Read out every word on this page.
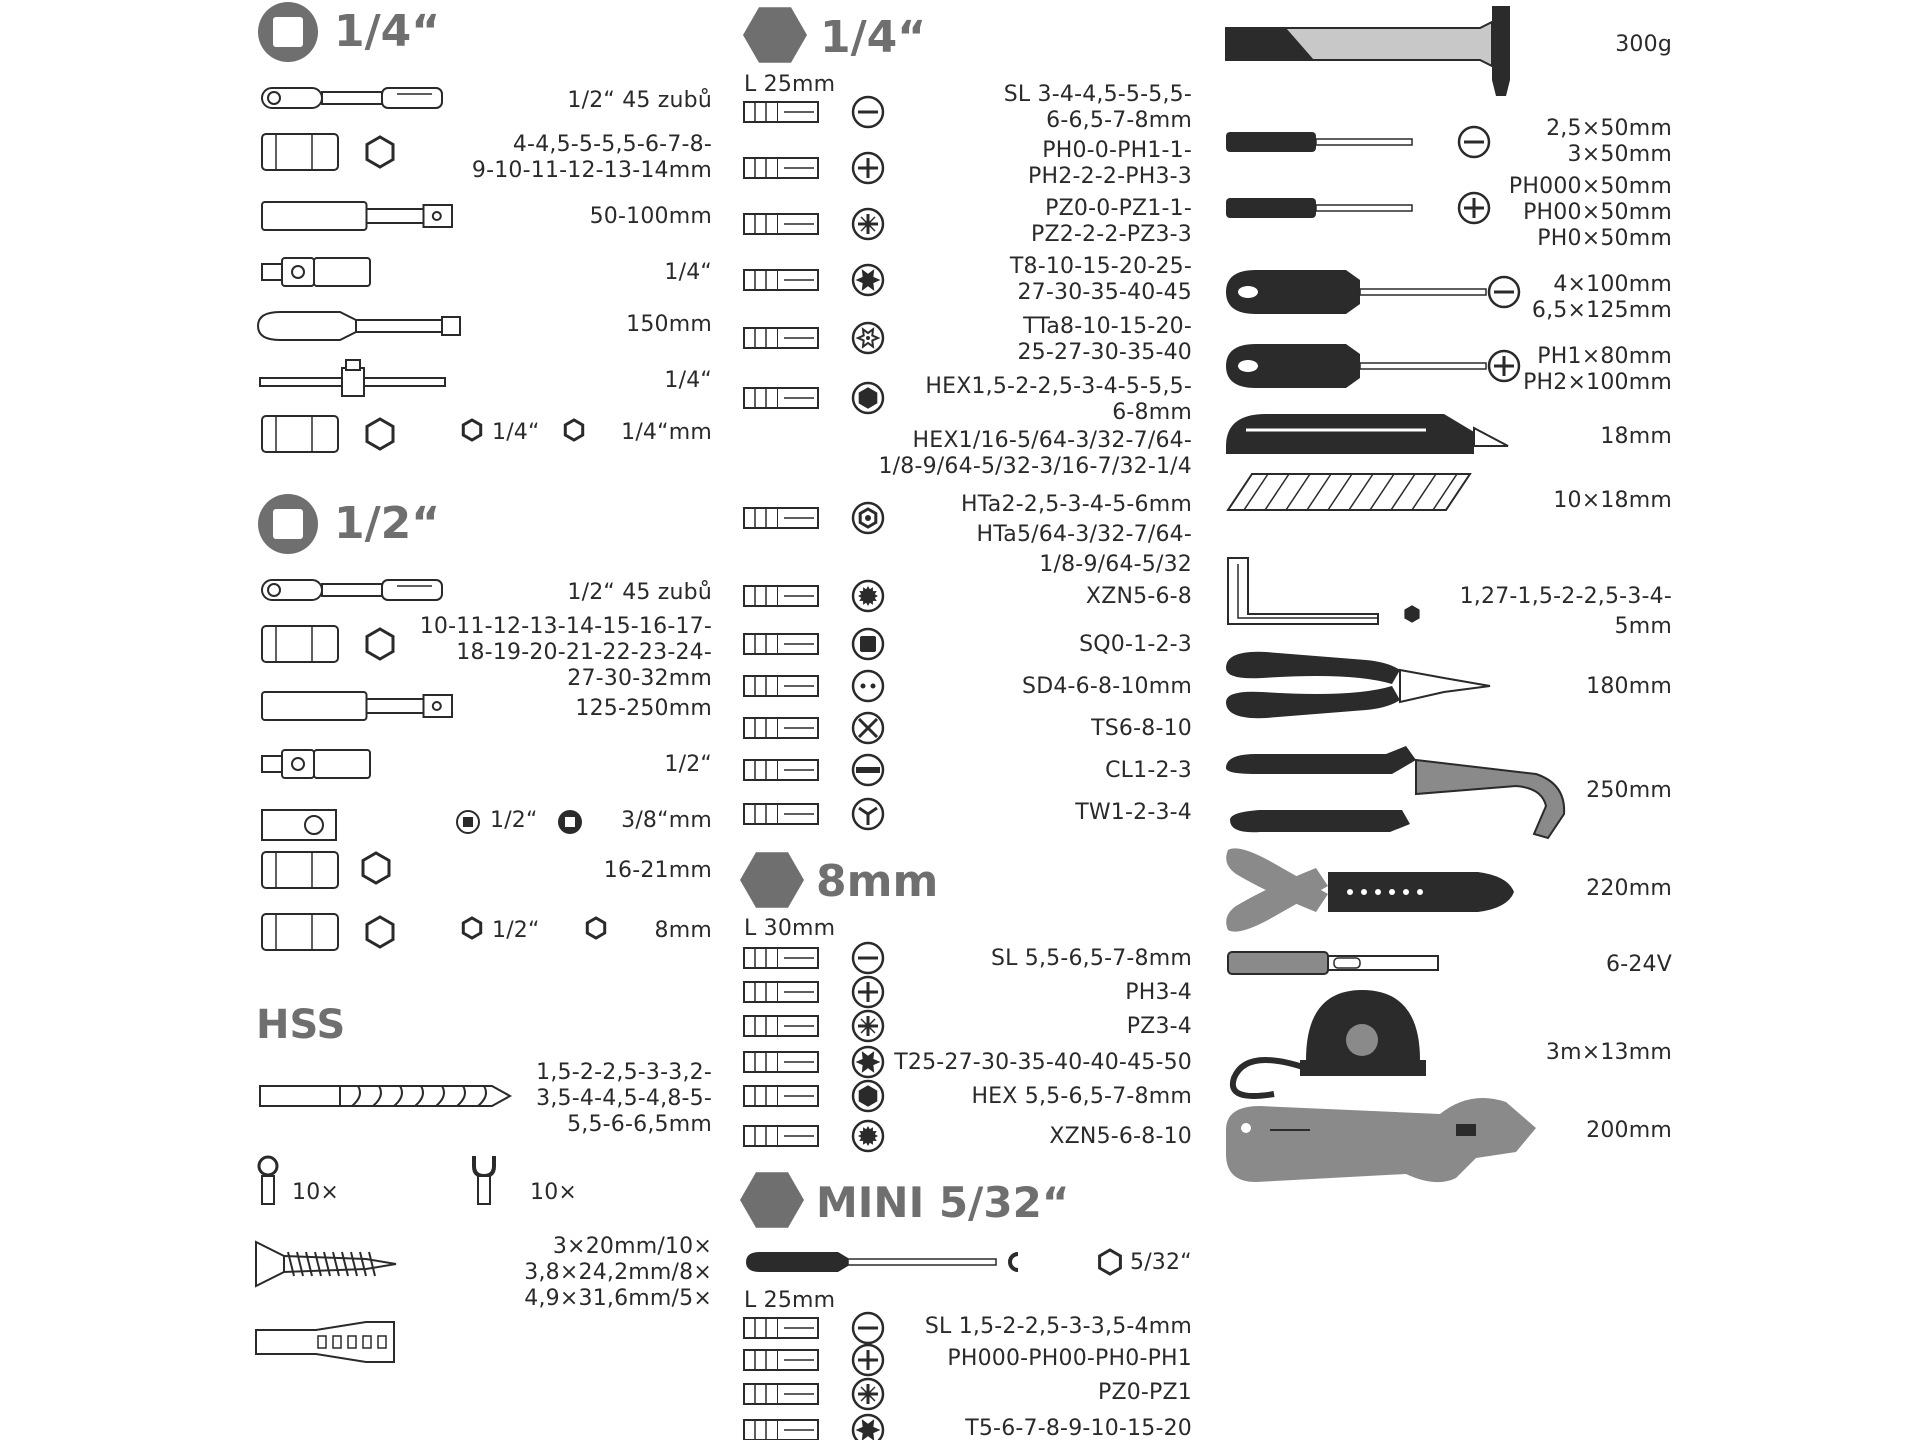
1/4“
1/2“ 45 zubů
4-4,5-5-5,5-6-7-8-
9-10-11-12-13-14mm
50-100mm
1/4“
150mm
1/4“
1/4“	1/4“mm
1/2“
1/2“ 45 zubů
10-11-12-13-14-15-16-17-
18-19-20-21-22-23-24-
27-30-32mm
125-250mm
1/2“
1/2“	3/8“mm
16-21mm
1/2“	8mm
HSS
1,5-2-2,5-3-3,2-
3,5-4-4,5-4,8-5-
5,5-6-6,5mm
10×	10×
3×20mm/10×
3,8×24,2mm/8×
4,9×31,6mm/5×
1/4“
L 25mm	SL 3-4-4,5-5-5,5-
6-6,5-7-8mm
PH0-0-PH1-1-
PH2-2-2-PH3-3
PZ0-0-PZ1-1-
PZ2-2-2-PZ3-3
T8-10-15-20-25-
27-30-35-40-45
TTa8-10-15-20-
25-27-30-35-40
HEX1,5-2-2,5-3-4-5-5,5-
6-8mm
HEX1/16-5/64-3/32-7/64-
1/8-9/64-5/32-3/16-7/32-1/4
HTa2-2,5-3-4-5-6mm
HTa5/64-3/32-7/64-
1/8-9/64-5/32
XZN5-6-8
SQ0-1-2-3
SD4-6-8-10mm
TS6-8-10
CL1-2-3
TW1-2-3-4
8mm
L 30mm
SL 5,5-6,5-7-8mm
PH3-4
PZ3-4
T25-27-30-35-40-40-45-50
HEX 5,5-6,5-7-8mm
XZN5-6-8-10
MINI 5/32“
5/32“
L 25mm
SL 1,5-2-2,5-3-3,5-4mm
PH000-PH00-PH0-PH1
PZ0-PZ1
T5-6-7-8-9-10-15-20
300g
2,5×50mm
3×50mm
PH000×50mm
PH00×50mm
PH0×50mm
4×100mm
6,5×125mm
PH1×80mm
PH2×100mm
18mm
10×18mm
1,27-1,5-2-2,5-3-4-
5mm
180mm
250mm
220mm
6-24V
3m×13mm
200mm
